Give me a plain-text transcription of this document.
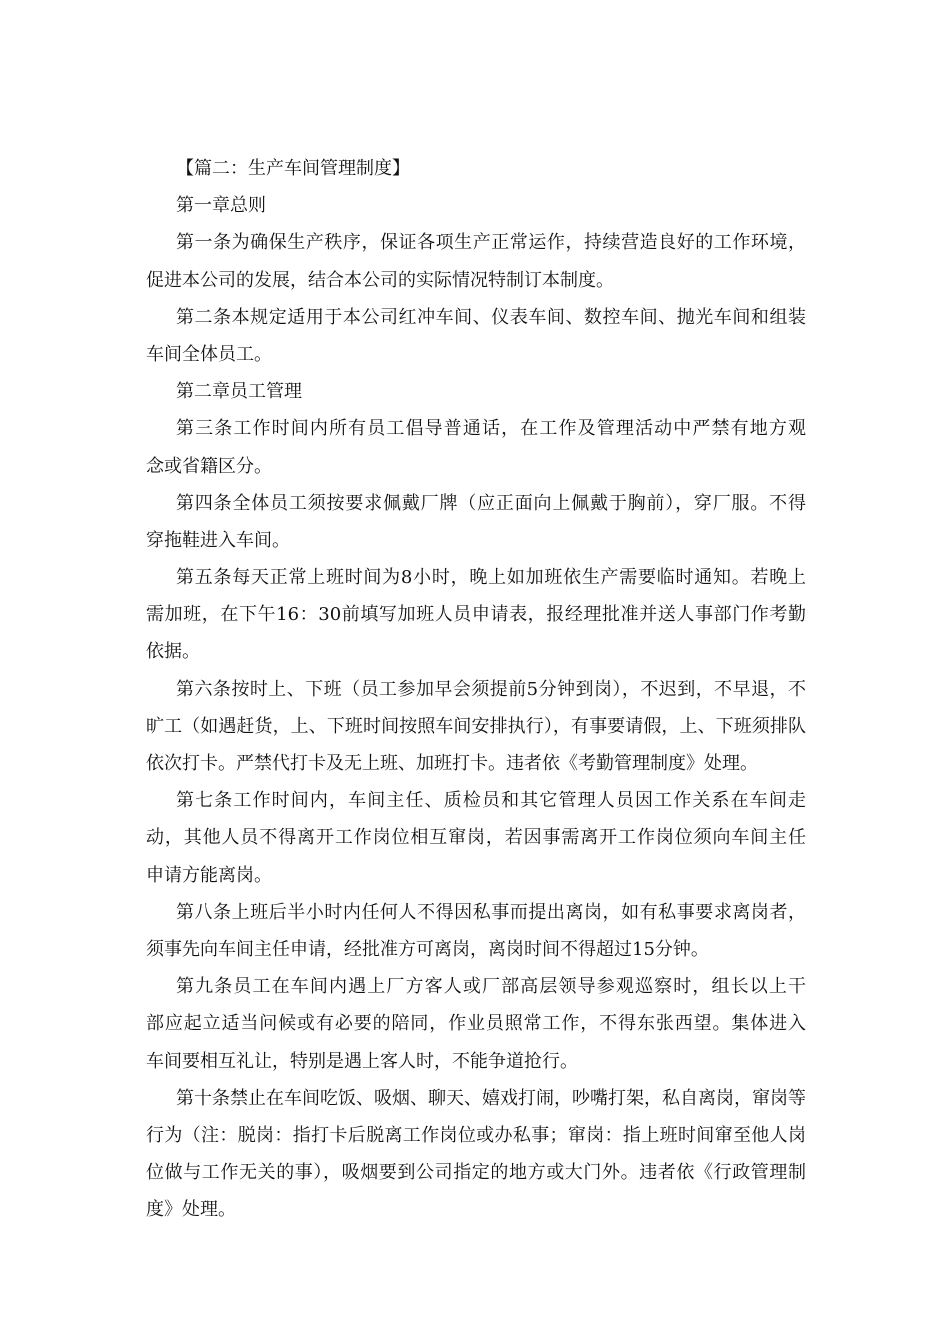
【篇二：生产车间管理制度】
第一章总则
第一条为确保生产秩序，保证各项生产正常运作，持续营造良好的工作环境，
促进本公司的发展，结合本公司的实际情况特制订本制度。
第二条本规定适用于本公司红冲车间、仪表车间、数控车间、抛光车间和组装
车间全体员工。
第二章员工管理
第三条工作时间内所有员工倡导普通话，在工作及管理活动中严禁有地方观
念或省籍区分。
第四条全体员工须按要求佩戴厂牌（应正面向上佩戴于胸前），穿厂服。不得
穿拖鞋进入车间。
第五条每天正常上班时间为8小时，晚上如加班依生产需要临时通知。若晚上
需加班，在下午16：30前填写加班人员申请表，报经理批准并送人事部门作考勤
依据。
第六条按时上、下班（员工参加早会须提前5分钟到岗），不迟到，不早退，不
旷工（如遇赶货，上、下班时间按照车间安排执行），有事要请假，上、下班须排队
依次打卡。严禁代打卡及无上班、加班打卡。违者依《考勤管理制度》处理。
第七条工作时间内，车间主任、质检员和其它管理人员因工作关系在车间走
动，其他人员不得离开工作岗位相互窜岗，若因事需离开工作岗位须向车间主任
申请方能离岗。
第八条上班后半小时内任何人不得因私事而提出离岗，如有私事要求离岗者，
须事先向车间主任申请，经批准方可离岗，离岗时间不得超过15分钟。
第九条员工在车间内遇上厂方客人或厂部高层领导参观巡察时，组长以上干
部应起立适当问候或有必要的陪同，作业员照常工作，不得东张西望。集体进入
车间要相互礼让，特别是遇上客人时，不能争道抢行。
第十条禁止在车间吃饭、吸烟、聊天、嬉戏打闹，吵嘴打架，私自离岗，窜岗等
行为（注：脱岗：指打卡后脱离工作岗位或办私事；窜岗：指上班时间窜至他人岗
位做与工作无关的事），吸烟要到公司指定的地方或大门外。违者依《行政管理制
度》处理。
